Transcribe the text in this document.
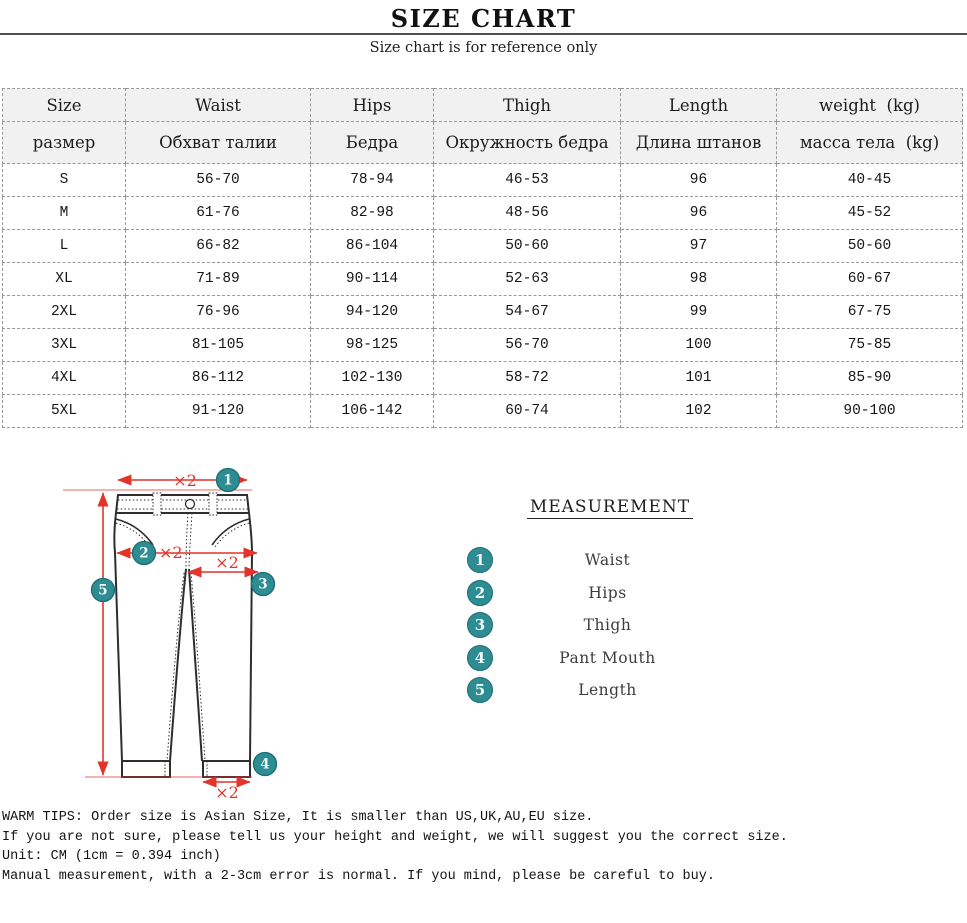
SIZE CHART
Size chart is for reference only
Size	Waist	Hips	Thigh	Length	weight  (kg)
размер	Обхват талии	Бедра	Окружность бедра	Длина штанов	масса тела  (kg)
S	56-70	78-94	46-53	96	40-45
M	61-76	82-98	48-56	96	45-52
L	66-82	86-104	50-60	97	50-60
XL	71-89	90-114	52-63	98	60-67
2XL	76-96	94-120	54-67	99	67-75
3XL	81-105	98-125	56-70	100	75-85
4XL	86-112	102-130	58-72	101	85-90
5XL	91-120	106-142	60-74	102	90-100
×2
×2
×2
×2
1
2
3
4
5
MEASUREMENT
1	Waist
2	Hips
3	Thigh
4	Pant Mouth
5	Length
WARM TIPS: Order size is Asian Size, It is smaller than US,UK,AU,EU size.
If you are not sure, please tell us your height and weight, we will suggest you the correct size.
Unit: CM (1cm = 0.394 inch)
Manual measurement, with a 2-3cm error is normal. If you mind, please be careful to buy.
